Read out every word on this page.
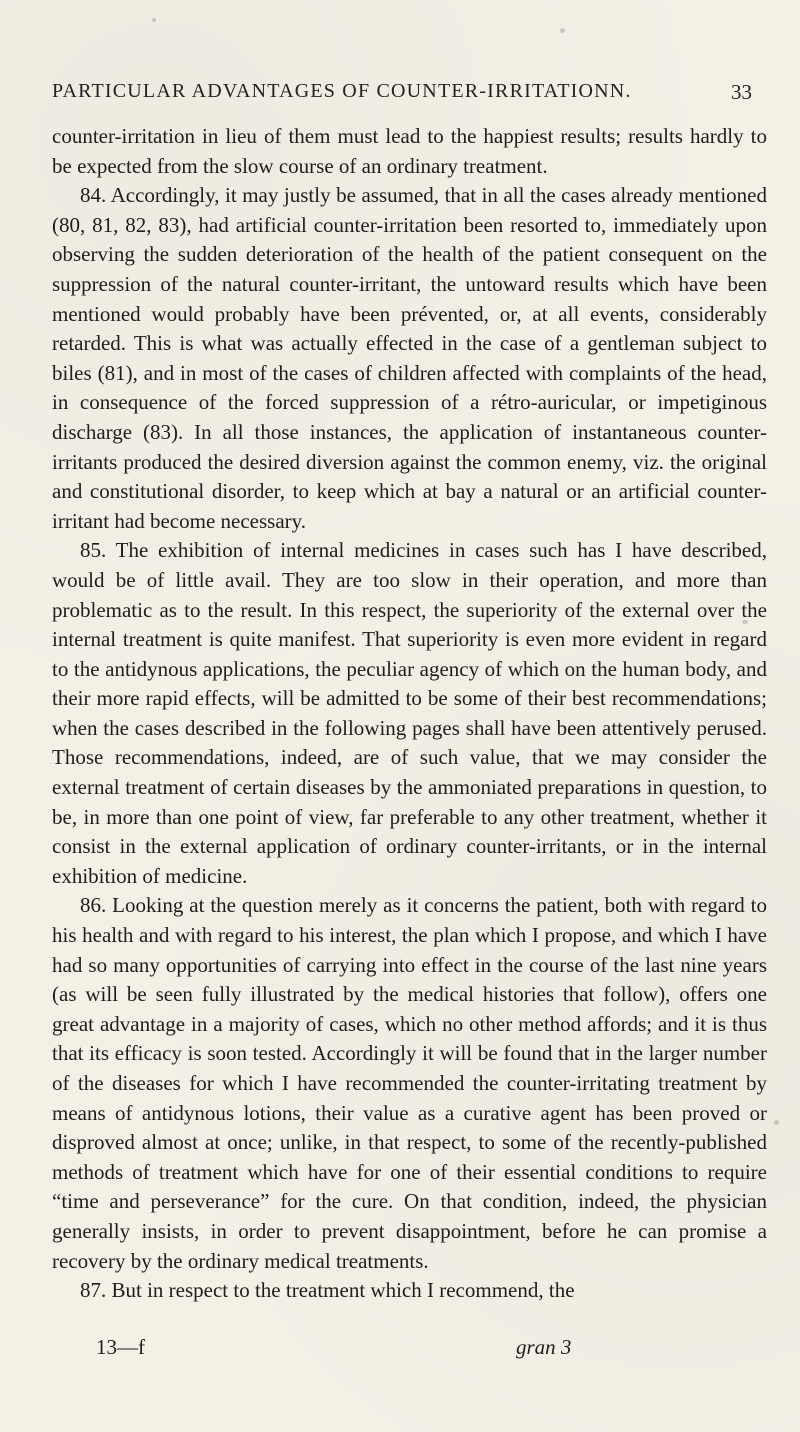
PARTICULAR ADVANTAGES OF COUNTER-IRRITATIONN.	33

counter-irritation in lieu of them must lead to the happiest results; results hardly to be expected from the slow course of an ordinary treatment.

84. Accordingly, it may justly be assumed, that in all the cases already mentioned (80, 81, 82, 83), had artificial counter-irritation been resorted to, immediately upon observing the sudden deterioration of the health of the patient consequent on the suppression of the natural counter-irritant, the untoward results which have been mentioned would probably have been prévented, or, at all events, considerably retarded. This is what was actually effected in the case of a gentleman subject to biles (81), and in most of the cases of children affected with complaints of the head, in consequence of the forced suppression of a rétro-auricular, or impetiginous discharge (83). In all those instances, the application of instantaneous counter-irritants produced the desired diversion against the common enemy, viz. the original and constitutional disorder, to keep which at bay a natural or an artificial counter-irritant had become necessary.

85. The exhibition of internal medicines in cases such has I have described, would be of little avail. They are too slow in their operation, and more than problematic as to the result. In this respect, the superiority of the external over the internal treatment is quite manifest. That superiority is even more evident in regard to the antidynous applications, the peculiar agency of which on the human body, and their more rapid effects, will be admitted to be some of their best recommendations; when the cases described in the following pages shall have been attentively perused. Those recommendations, indeed, are of such value, that we may consider the external treatment of certain diseases by the ammoniated preparations in question, to be, in more than one point of view, far preferable to any other treatment, whether it consist in the external application of ordinary counter-irritants, or in the internal exhibition of medicine.

86. Looking at the question merely as it concerns the patient, both with regard to his health and with regard to his interest, the plan which I propose, and which I have had so many opportunities of carrying into effect in the course of the last nine years (as will be seen fully illustrated by the medical histories that follow), offers one great advantage in a majority of cases, which no other method affords; and it is thus that its efficacy is soon tested. Accordingly it will be found that in the larger number of the diseases for which I have recommended the counter-irritating treatment by means of antidynous lotions, their value as a curative agent has been proved or disproved almost at once; unlike, in that respect, to some of the recently-published methods of treatment which have for one of their essential conditions to require “time and perseverance” for the cure. On that condition, indeed, the physician generally insists, in order to prevent disappointment, before he can promise a recovery by the ordinary medical treatments.

87. But in respect to the treatment which I recommend, the

13—f	gran 3
